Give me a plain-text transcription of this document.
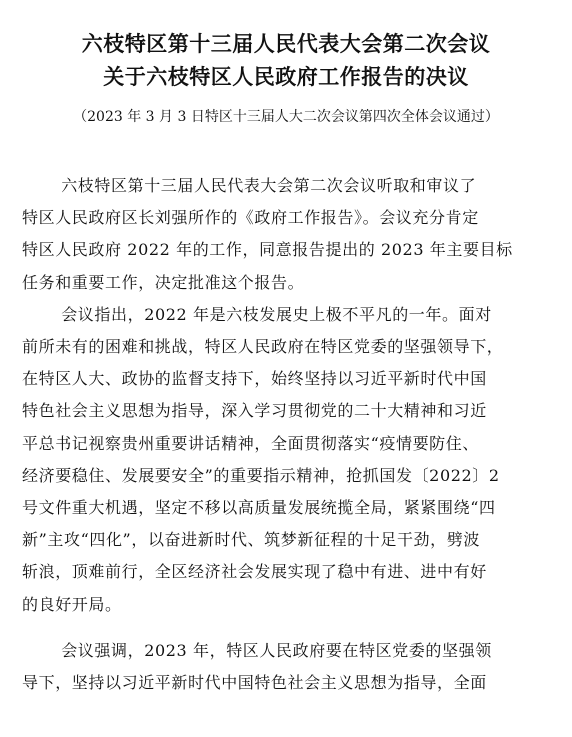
六枝特区第十三届人民代表大会第二次会议
关于六枝特区人民政府工作报告的决议
（2023 年 3 月 3 日特区十三届人大二次会议第四次全体会议通过）

六枝特区第十三届人民代表大会第二次会议听取和审议了
特区人民政府区长刘强所作的《政府工作报告》。会议充分肯定
特区人民政府 2022 年的工作，同意报告提出的 2023 年主要目标
任务和重要工作，决定批准这个报告。

会议指出，2022 年是六枝发展史上极不平凡的一年。面对
前所未有的困难和挑战，特区人民政府在特区党委的坚强领导下，
在特区人大、政协的监督支持下，始终坚持以习近平新时代中国
特色社会主义思想为指导，深入学习贯彻党的二十大精神和习近
平总书记视察贵州重要讲话精神，全面贯彻落实“疫情要防住、
经济要稳住、发展要安全”的重要指示精神，抢抓国发〔2022〕2
号文件重大机遇，坚定不移以高质量发展统揽全局，紧紧围绕“四
新”主攻“四化”，以奋进新时代、筑梦新征程的十足干劲，劈波
斩浪，顶难前行，全区经济社会发展实现了稳中有进、进中有好
的良好开局。

会议强调，2023 年，特区人民政府要在特区党委的坚强领
导下，坚持以习近平新时代中国特色社会主义思想为指导，全面
